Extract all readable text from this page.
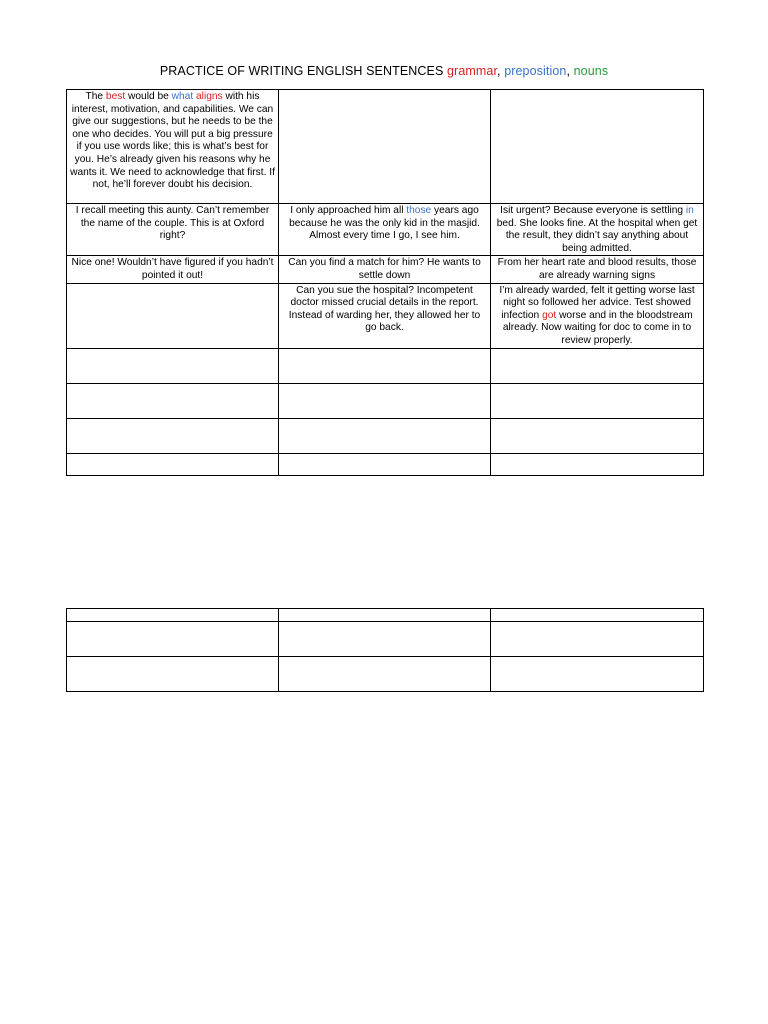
PRACTICE OF WRITING ENGLISH SENTENCES grammar, preposition, nouns
The best would be what aligns with his interest, motivation, and capabilities. We can give our suggestions, but he needs to be the one who decides. You will put a big pressure if you use words like; this is what’s best for you. He’s already given his reasons why he wants it. We need to acknowledge that first. If not, he’ll forever doubt his decision.		
I recall meeting this aunty. Can’t remember the name of the couple. This is at Oxford right?	I only approached him all those years ago because he was the only kid in the masjid. Almost every time I go, I see him.	Isit urgent? Because everyone is settling in bed. She looks fine. At the hospital when get the result, they didn’t say anything about being admitted.
Nice one! Wouldn’t have figured if you hadn’t pointed it out!	Can you find a match for him? He wants to settle down	From her heart rate and blood results, those are already warning signs
	Can you sue the hospital? Incompetent doctor missed crucial details in the report. Instead of warding her, they allowed her to go back.	I’m already warded, felt it getting worse last night so followed her advice. Test showed infection got worse and in the bloodstream already. Now waiting for doc to come in to review properly.
